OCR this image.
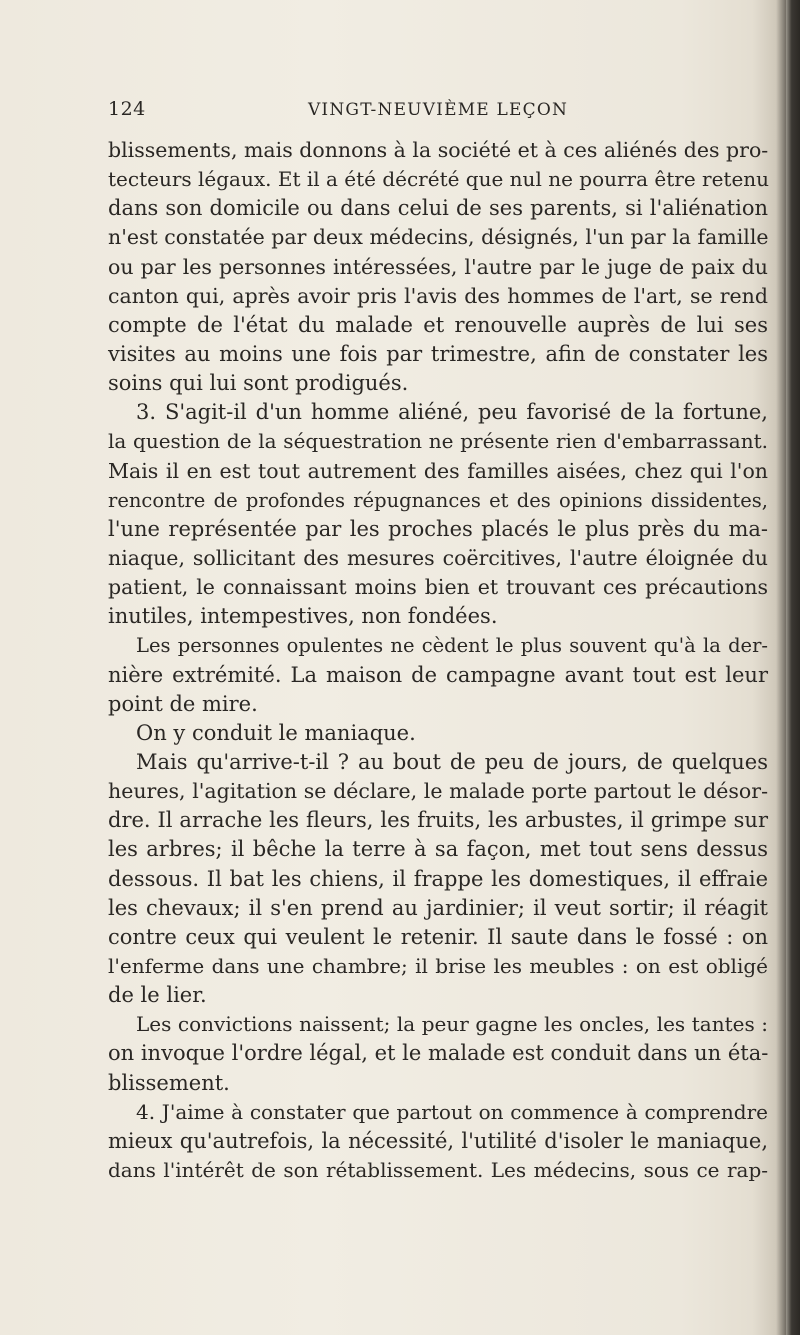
124	VINGT-NEUVIÈME LEÇON
blissements, mais donnons à la société et à ces aliénés des pro-
tecteurs légaux. Et il a été décrété que nul ne pourra être retenu
dans son domicile ou dans celui de ses parents, si l'aliénation
n'est constatée par deux médecins, désignés, l'un par la famille
ou par les personnes intéressées, l'autre par le juge de paix du
canton qui, après avoir pris l'avis des hommes de l'art, se rend
compte de l'état du malade et renouvelle auprès de lui ses
visites au moins une fois par trimestre, afin de constater les
soins qui lui sont prodigués.
3. S'agit-il d'un homme aliéné, peu favorisé de la fortune,
la question de la séquestration ne présente rien d'embarrassant.
Mais il en est tout autrement des familles aisées, chez qui l'on
rencontre de profondes répugnances et des opinions dissidentes,
l'une représentée par les proches placés le plus près du ma-
niaque, sollicitant des mesures coërcitives, l'autre éloignée du
patient, le connaissant moins bien et trouvant ces précautions
inutiles, intempestives, non fondées.
Les personnes opulentes ne cèdent le plus souvent qu'à la der-
nière extrémité. La maison de campagne avant tout est leur
point de mire.
On y conduit le maniaque.
Mais qu'arrive-t-il ? au bout de peu de jours, de quelques
heures, l'agitation se déclare, le malade porte partout le désor-
dre. Il arrache les fleurs, les fruits, les arbustes, il grimpe sur
les arbres; il bêche la terre à sa façon, met tout sens dessus
dessous. Il bat les chiens, il frappe les domestiques, il effraie
les chevaux; il s'en prend au jardinier; il veut sortir; il réagit
contre ceux qui veulent le retenir. Il saute dans le fossé : on
l'enferme dans une chambre; il brise les meubles : on est obligé
de le lier.
Les convictions naissent; la peur gagne les oncles, les tantes :
on invoque l'ordre légal, et le malade est conduit dans un éta-
blissement.
4. J'aime à constater que partout on commence à comprendre
mieux qu'autrefois, la nécessité, l'utilité d'isoler le maniaque,
dans l'intérêt de son rétablissement. Les médecins, sous ce rap-
